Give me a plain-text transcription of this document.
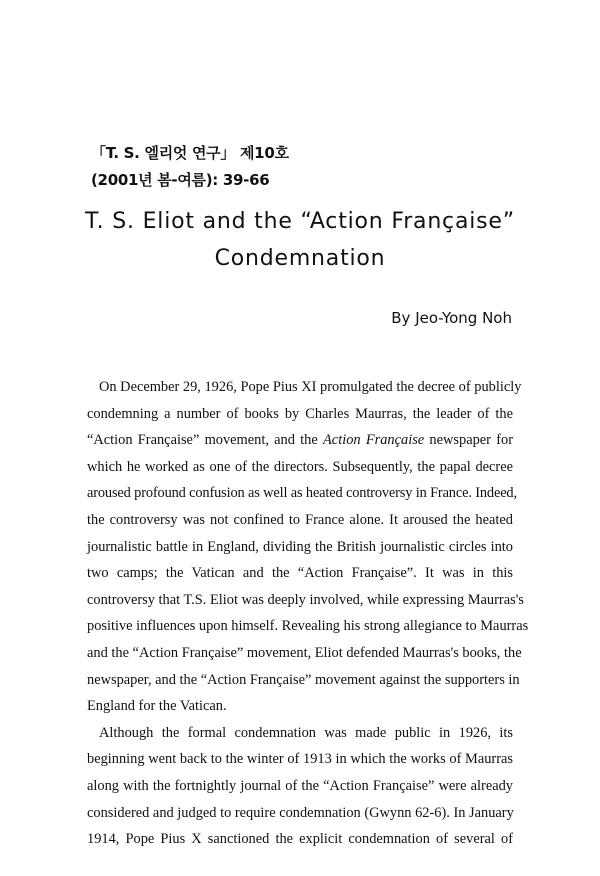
「T. S. 엘리엇 연구」 제10호
(2001년 봄-여름): 39-66
T. S. Eliot and the “Action Française”
Condemnation
By Jeo-Yong Noh
On December 29, 1926, Pope Pius XI promulgated the decree of publicly
condemning a number of books by Charles Maurras, the leader of the
“Action Française” movement, and the Action Française newspaper for
which he worked as one of the directors. Subsequently, the papal decree
aroused profound confusion as well as heated controversy in France. Indeed,
the controversy was not confined to France alone. It aroused the heated
journalistic battle in England, dividing the British journalistic circles into
two camps; the Vatican and the “Action Française”. It was in this
controversy that T.S. Eliot was deeply involved, while expressing Maurras's
positive influences upon himself. Revealing his strong allegiance to Maurras
and the “Action Française” movement, Eliot defended Maurras's books, the
newspaper, and the “Action Française” movement against the supporters in
England for the Vatican.
Although the formal condemnation was made public in 1926, its
beginning went back to the winter of 1913 in which the works of Maurras
along with the fortnightly journal of the “Action Française” were already
considered and judged to require condemnation (Gwynn 62-6). In January
1914, Pope Pius X sanctioned the explicit condemnation of several of
